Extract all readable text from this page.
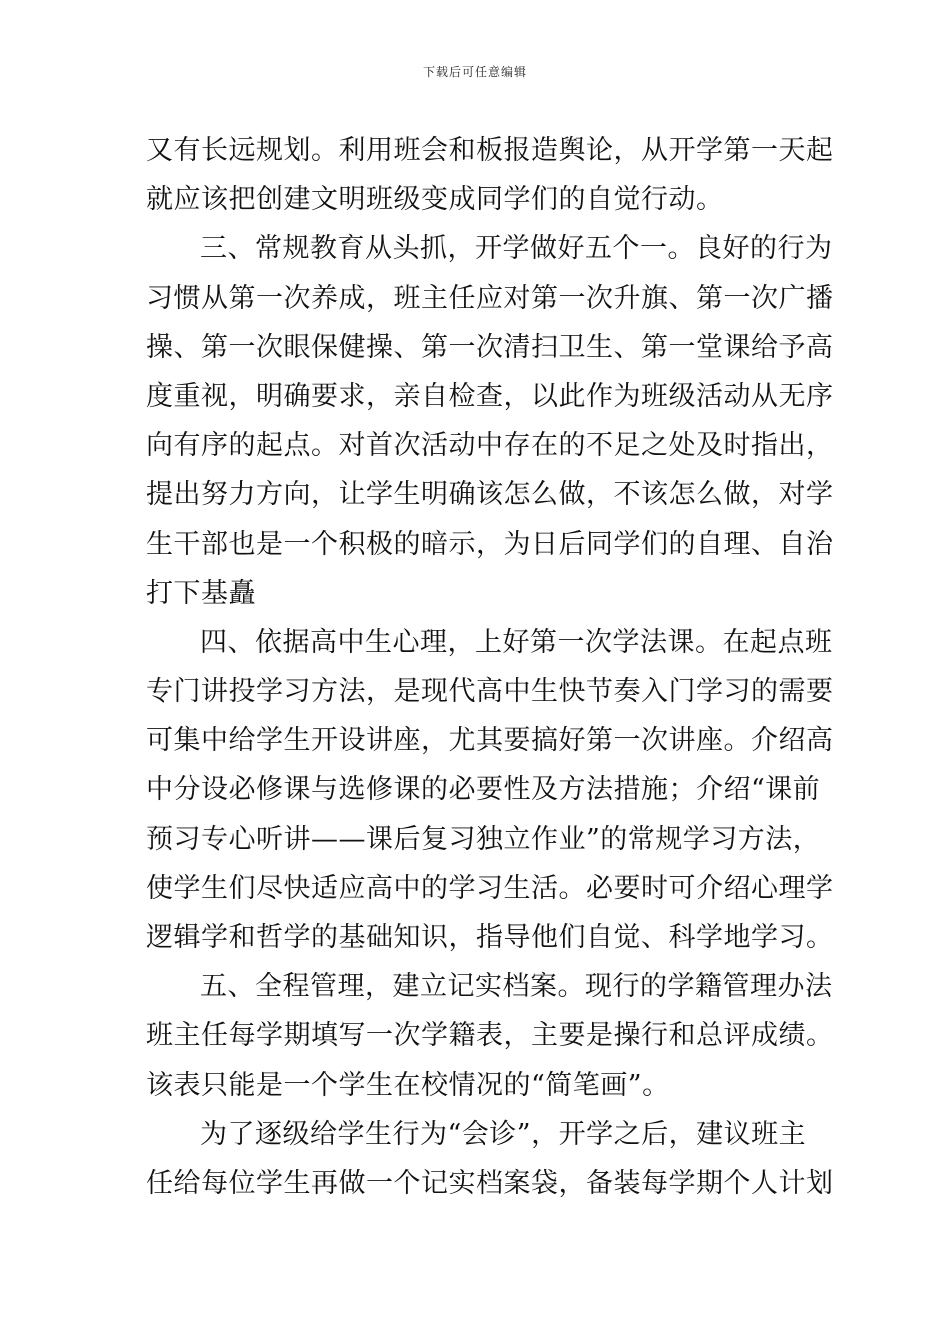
下载后可任意编辑
又有长远规划。利用班会和板报造舆论，从开学第一天起
就应该把创建文明班级变成同学们的自觉行动。
三、常规教育从头抓，开学做好五个一。良好的行为
习惯从第一次养成，班主任应对第一次升旗、第一次广播
操、第一次眼保健操、第一次清扫卫生、第一堂课给予高
度重视，明确要求，亲自检查，以此作为班级活动从无序
向有序的起点。对首次活动中存在的不足之处及时指出，
提出努力方向，让学生明确该怎么做，不该怎么做，对学
生干部也是一个积极的暗示，为日后同学们的自理、自治
打下基矗
四、依据高中生心理，上好第一次学法课。在起点班
专门讲投学习方法，是现代高中生快节奏入门学习的需要
可集中给学生开设讲座，尤其要搞好第一次讲座。介绍高
中分设必修课与选修课的必要性及方法措施；介绍“课前
预习专心听讲——课后复习独立作业”的常规学习方法，
使学生们尽快适应高中的学习生活。必要时可介绍心理学
逻辑学和哲学的基础知识，指导他们自觉、科学地学习。
五、全程管理，建立记实档案。现行的学籍管理办法
班主任每学期填写一次学籍表，主要是操行和总评成绩。
该表只能是一个学生在校情况的“简笔画”。
为了逐级给学生行为“会诊”，开学之后，建议班主
任给每位学生再做一个记实档案袋，备装每学期个人计划
